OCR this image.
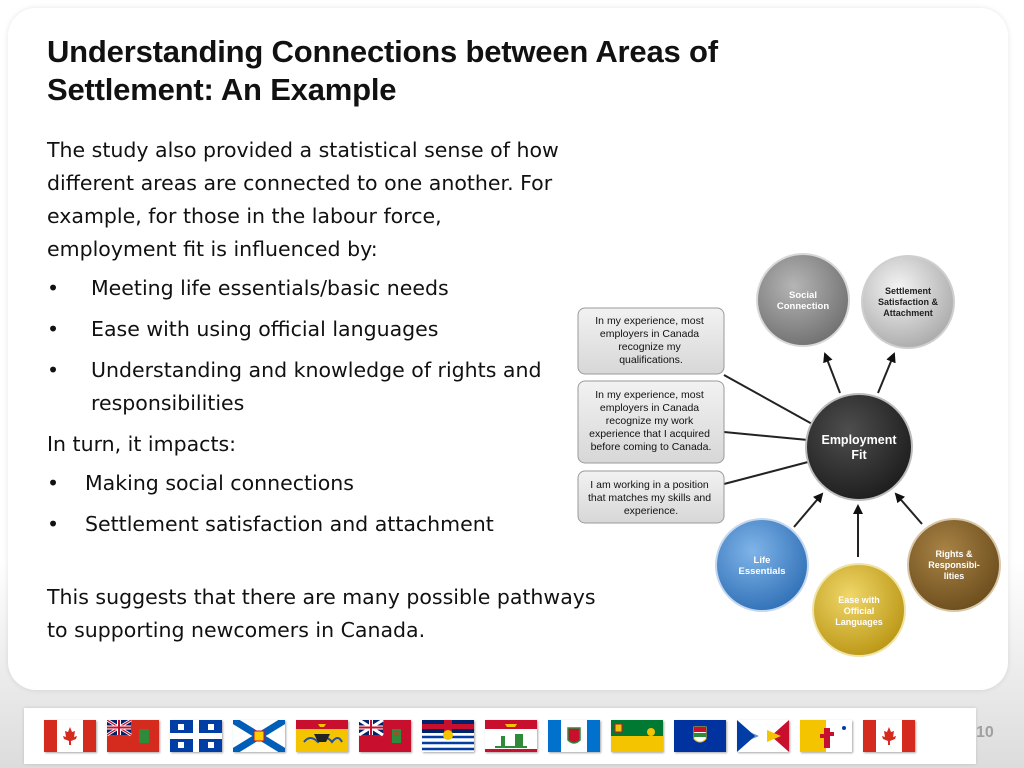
Understanding Connections between Areas of
Settlement: An Example

The study also provided a statistical sense of how different areas are connected to one another. For example, for those in the labour force, employment fit is influenced by:

• Meeting life essentials/basic needs
• Ease with using official languages
• Understanding and knowledge of rights and responsibilities

In turn, it impacts:

• Making social connections
• Settlement satisfaction and attachment

This suggests that there are many possible pathways to supporting newcomers in Canada.

In my experience, most employers in Canada recognize my qualifications.
In my experience, most employers in Canada recognize my work experience that I acquired before coming to Canada.
I am working in a position that matches my skills and experience.
Social Connection
Settlement Satisfaction & Attachment
Employment Fit
Life Essentials
Ease with Official Languages
Rights & Responsibi-lities
10
